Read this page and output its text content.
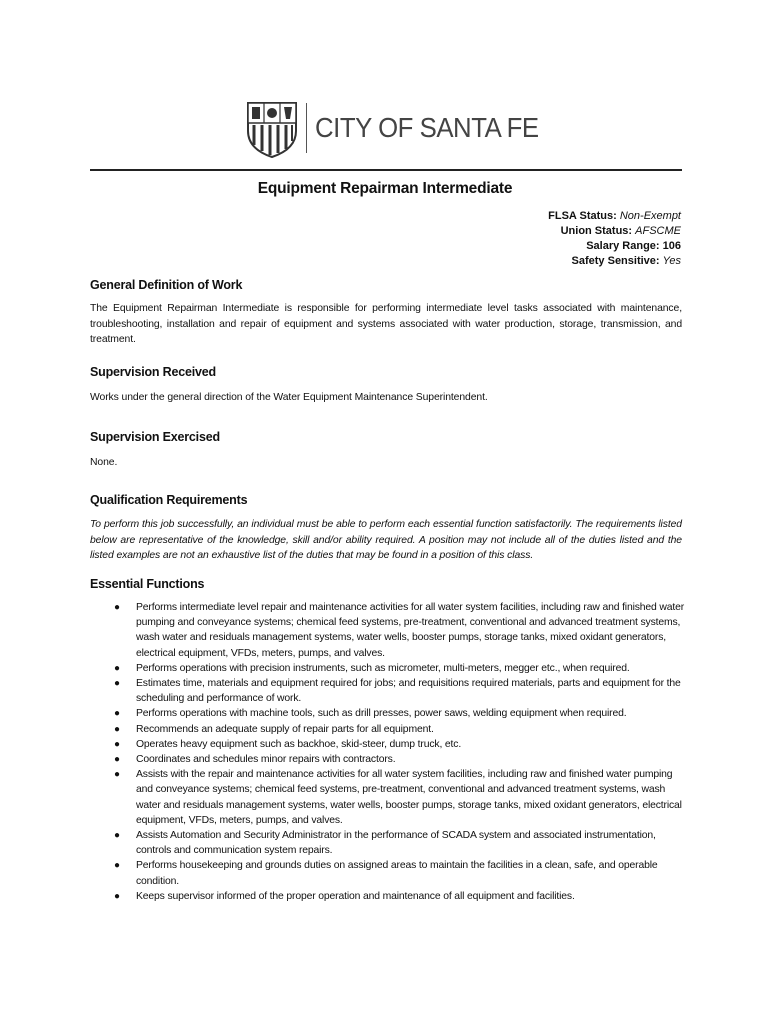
CITY OF SANTA FE
Equipment Repairman Intermediate
FLSA Status: Non-Exempt
Union Status: AFSCME
Salary Range: 106
Safety Sensitive: Yes
General Definition of Work
The Equipment Repairman Intermediate is responsible for performing intermediate level tasks associated with maintenance, troubleshooting, installation and repair of equipment and systems associated with water production, storage, transmission, and treatment.
Supervision Received
Works under the general direction of the Water Equipment Maintenance Superintendent.
Supervision Exercised
None.
Qualification Requirements
To perform this job successfully, an individual must be able to perform each essential function satisfactorily. The requirements listed below are representative of the knowledge, skill and/or ability required. A position may not include all of the duties listed and the listed examples are not an exhaustive list of the duties that may be found in a position of this class.
Essential Functions
● Performs intermediate level repair and maintenance activities for all water system facilities, including raw and finished water pumping and conveyance systems; chemical feed systems, pre-treatment, conventional and advanced treatment systems, wash water and residuals management systems, water wells, booster pumps, storage tanks, mixed oxidant generators, electrical equipment, VFDs, meters, pumps, and valves.
● Performs operations with precision instruments, such as micrometer, multi-meters, megger etc., when required.
● Estimates time, materials and equipment required for jobs; and requisitions required materials, parts and equipment for the scheduling and performance of work.
● Performs operations with machine tools, such as drill presses, power saws, welding equipment when required.
● Recommends an adequate supply of repair parts for all equipment.
● Operates heavy equipment such as backhoe, skid-steer, dump truck, etc.
● Coordinates and schedules minor repairs with contractors.
● Assists with the repair and maintenance activities for all water system facilities, including raw and finished water pumping and conveyance systems; chemical feed systems, pre-treatment, conventional and advanced treatment systems, wash water and residuals management systems, water wells, booster pumps, storage tanks, mixed oxidant generators, electrical equipment, VFDs, meters, pumps, and valves.
● Assists Automation and Security Administrator in the performance of SCADA system and associated instrumentation, controls and communication system repairs.
● Performs housekeeping and grounds duties on assigned areas to maintain the facilities in a clean, safe, and operable condition.
● Keeps supervisor informed of the proper operation and maintenance of all equipment and facilities.
